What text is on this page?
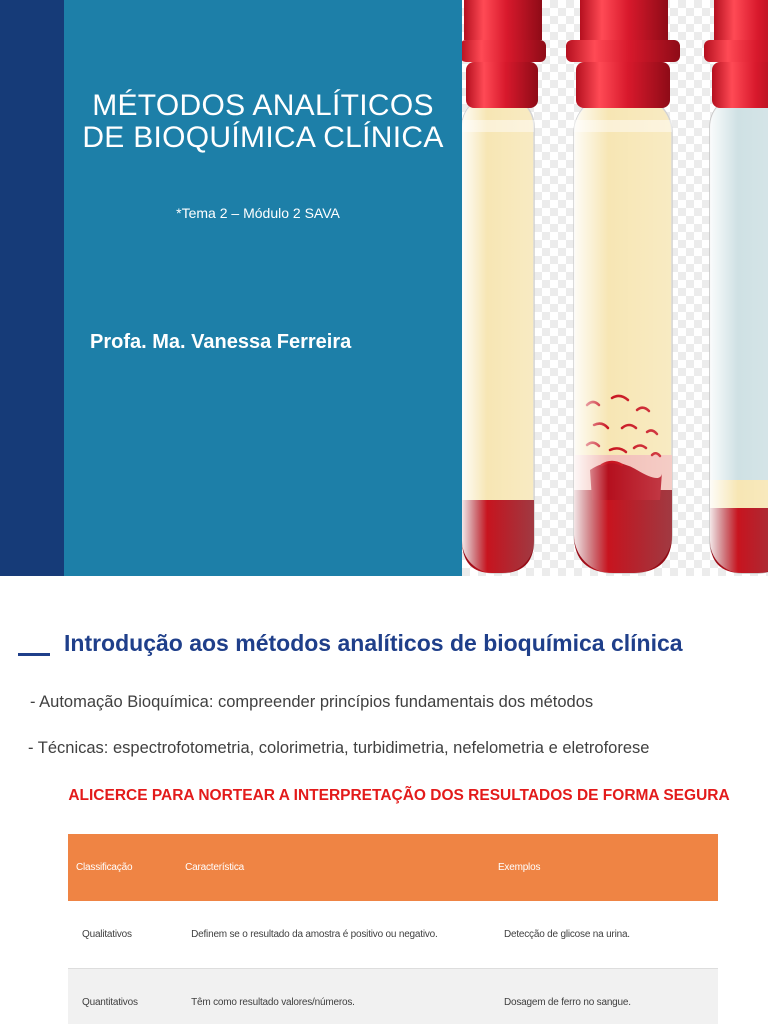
MÉTODOS ANALÍTICOS
DE BIOQUÍMICA CLÍNICA
*Tema 2 – Módulo 2 SAVA
Profa. Ma. Vanessa Ferreira
Introdução aos métodos analíticos de bioquímica clínica
- Automação Bioquímica: compreender princípios fundamentais dos métodos
- Técnicas: espectrofotometria, colorimetria, turbidimetria, nefelometria e eletroforese
ALICERCE PARA NORTEAR A INTERPRETAÇÃO DOS RESULTADOS DE FORMA SEGURA
Classificação	Característica	Exemplos
Qualitativos	Definem se o resultado da amostra é positivo ou negativo.	Detecção de glicose na urina.
Quantitativos	Têm como resultado valores/números.	Dosagem de ferro no sangue.
